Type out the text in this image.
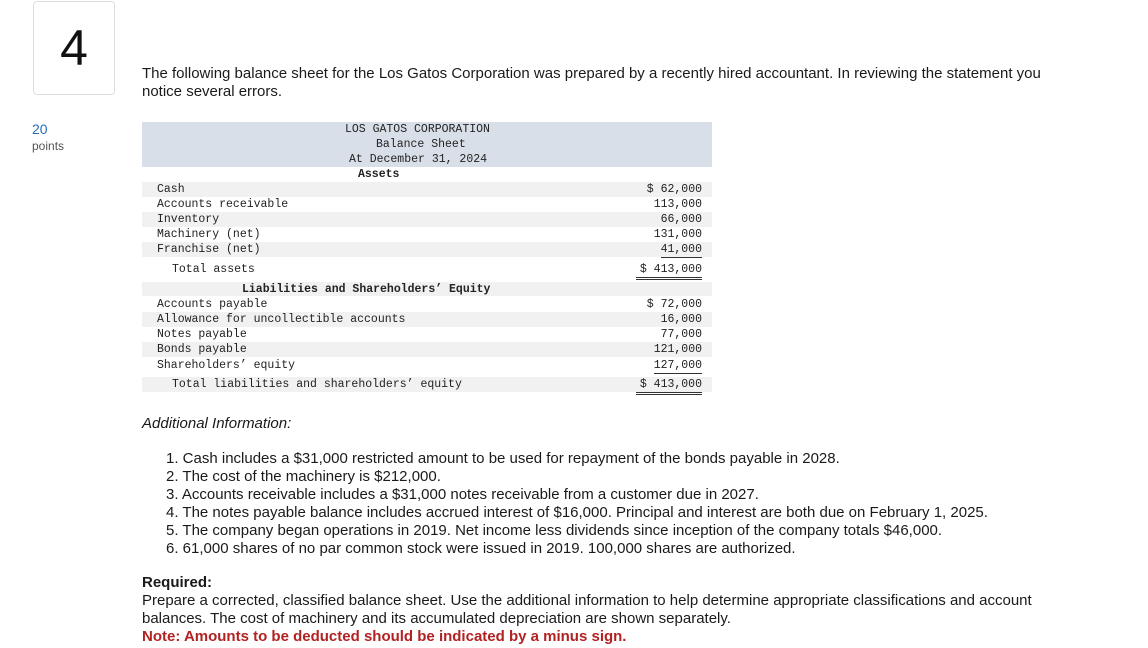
4
20
points
The following balance sheet for the Los Gatos Corporation was prepared by a recently hired accountant. In reviewing the statement you notice several errors.
LOS GATOS CORPORATION
Balance Sheet
At December 31, 2024
Assets
Cash	$ 62,000
Accounts receivable	113,000
Inventory	66,000
Machinery (net)	131,000
Franchise (net)	41,000
Total assets	$ 413,000
Liabilities and Shareholders’ Equity
Accounts payable	$ 72,000
Allowance for uncollectible accounts	16,000
Notes payable	77,000
Bonds payable	121,000
Shareholders’ equity	127,000
Total liabilities and shareholders’ equity	$ 413,000
Additional Information:
1. Cash includes a $31,000 restricted amount to be used for repayment of the bonds payable in 2028.
2. The cost of the machinery is $212,000.
3. Accounts receivable includes a $31,000 notes receivable from a customer due in 2027.
4. The notes payable balance includes accrued interest of $16,000. Principal and interest are both due on February 1, 2025.
5. The company began operations in 2019. Net income less dividends since inception of the company totals $46,000.
6. 61,000 shares of no par common stock were issued in 2019. 100,000 shares are authorized.
Required:
Prepare a corrected, classified balance sheet. Use the additional information to help determine appropriate classifications and account balances. The cost of machinery and its accumulated depreciation are shown separately.
Note: Amounts to be deducted should be indicated by a minus sign.
